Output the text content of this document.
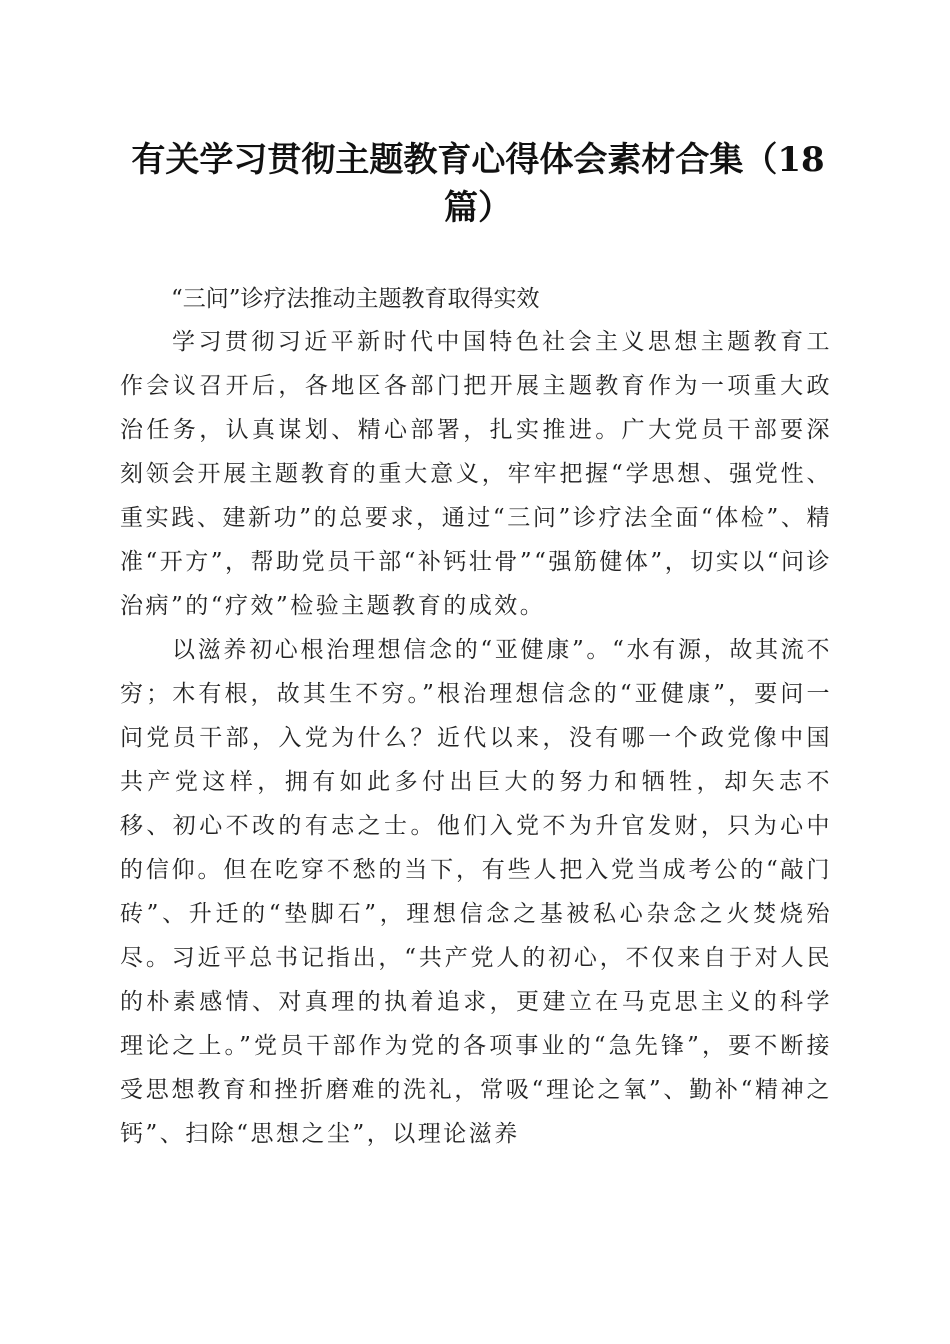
有关学习贯彻主题教育心得体会素材合集（18篇）

“三问”诊疗法推动主题教育取得实效

学习贯彻习近平新时代中国特色社会主义思想主题教育工作会议召开后，各地区各部门把开展主题教育作为一项重大政治任务，认真谋划、精心部署，扎实推进。广大党员干部要深刻领会开展主题教育的重大意义，牢牢把握“学思想、强党性、重实践、建新功”的总要求，通过“三问”诊疗法全面“体检”、精准“开方”，帮助党员干部“补钙壮骨”“强筋健体”，切实以“问诊治病”的“疗效”检验主题教育的成效。

以滋养初心根治理想信念的“亚健康”。“水有源，故其流不穷；木有根，故其生不穷。”根治理想信念的“亚健康”，要问一问党员干部，入党为什么？近代以来，没有哪一个政党像中国共产党这样，拥有如此多付出巨大的努力和牺牲，却矢志不移、初心不改的有志之士。他们入党不为升官发财，只为心中的信仰。但在吃穿不愁的当下，有些人把入党当成考公的“敲门砖”、升迁的“垫脚石”，理想信念之基被私心杂念之火焚烧殆尽。习近平总书记指出，“共产党人的初心，不仅来自于对人民的朴素感情、对真理的执着追求，更建立在马克思主义的科学理论之上。”党员干部作为党的各项事业的“急先锋”，要不断接受思想教育和挫折磨难的洗礼，常吸“理论之氧”、勤补“精神之钙”、扫除“思想之尘”，以理论滋养
